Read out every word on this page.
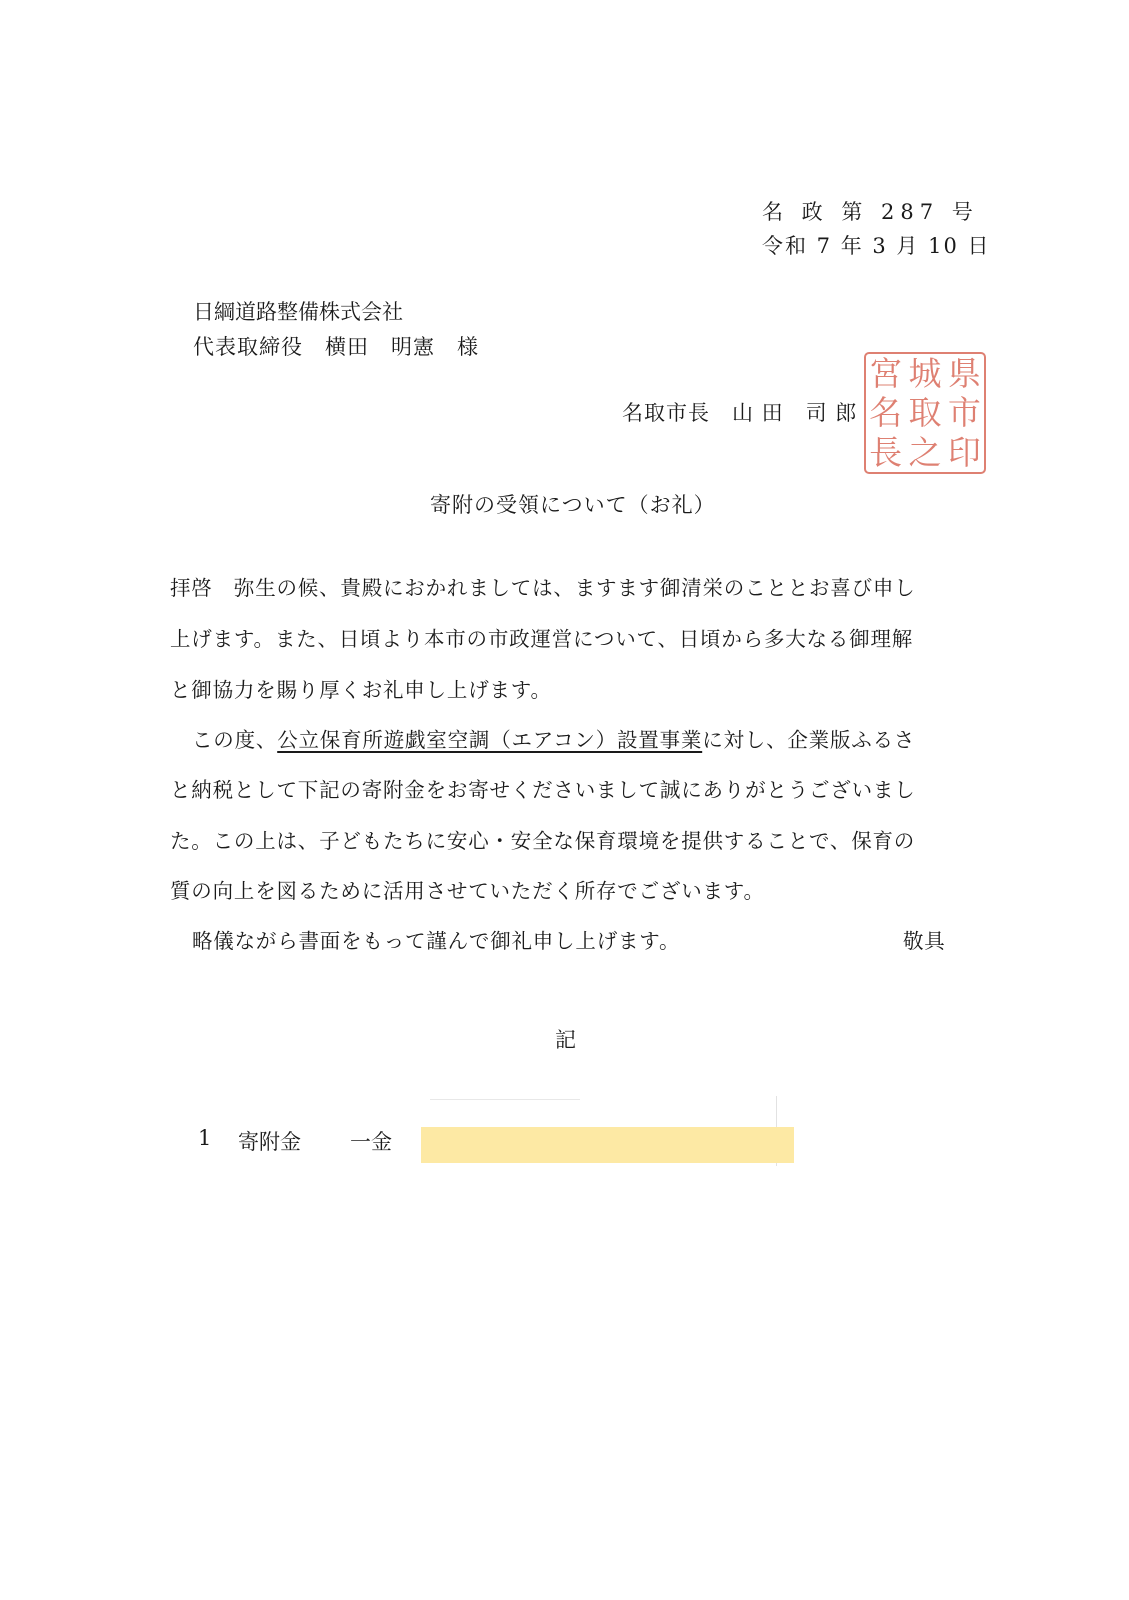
名 政 第 287 号
令和 7 年 3 月 10 日
日綱道路整備株式会社
代表取締役　横田　明憲　様
名取市長　山 田　司 郎
宮 城 県
名 取 市
長 之 印
寄附の受領について（お礼）
拝啓　弥生の候、貴殿におかれましては、ますます御清栄のこととお喜び申し
上げます。また、日頃より本市の市政運営について、日頃から多大なる御理解
と御協力を賜り厚くお礼申し上げます。
この度、公立保育所遊戯室空調（エアコン）設置事業に対し、企業版ふるさ
と納税として下記の寄附金をお寄せくださいまして誠にありがとうございまし
た。この上は、子どもたちに安心・安全な保育環境を提供することで、保育の
質の向上を図るために活用させていただく所存でございます。
略儀ながら書面をもって謹んで御礼申し上げます。	敬具
記
1 寄附金 一金
